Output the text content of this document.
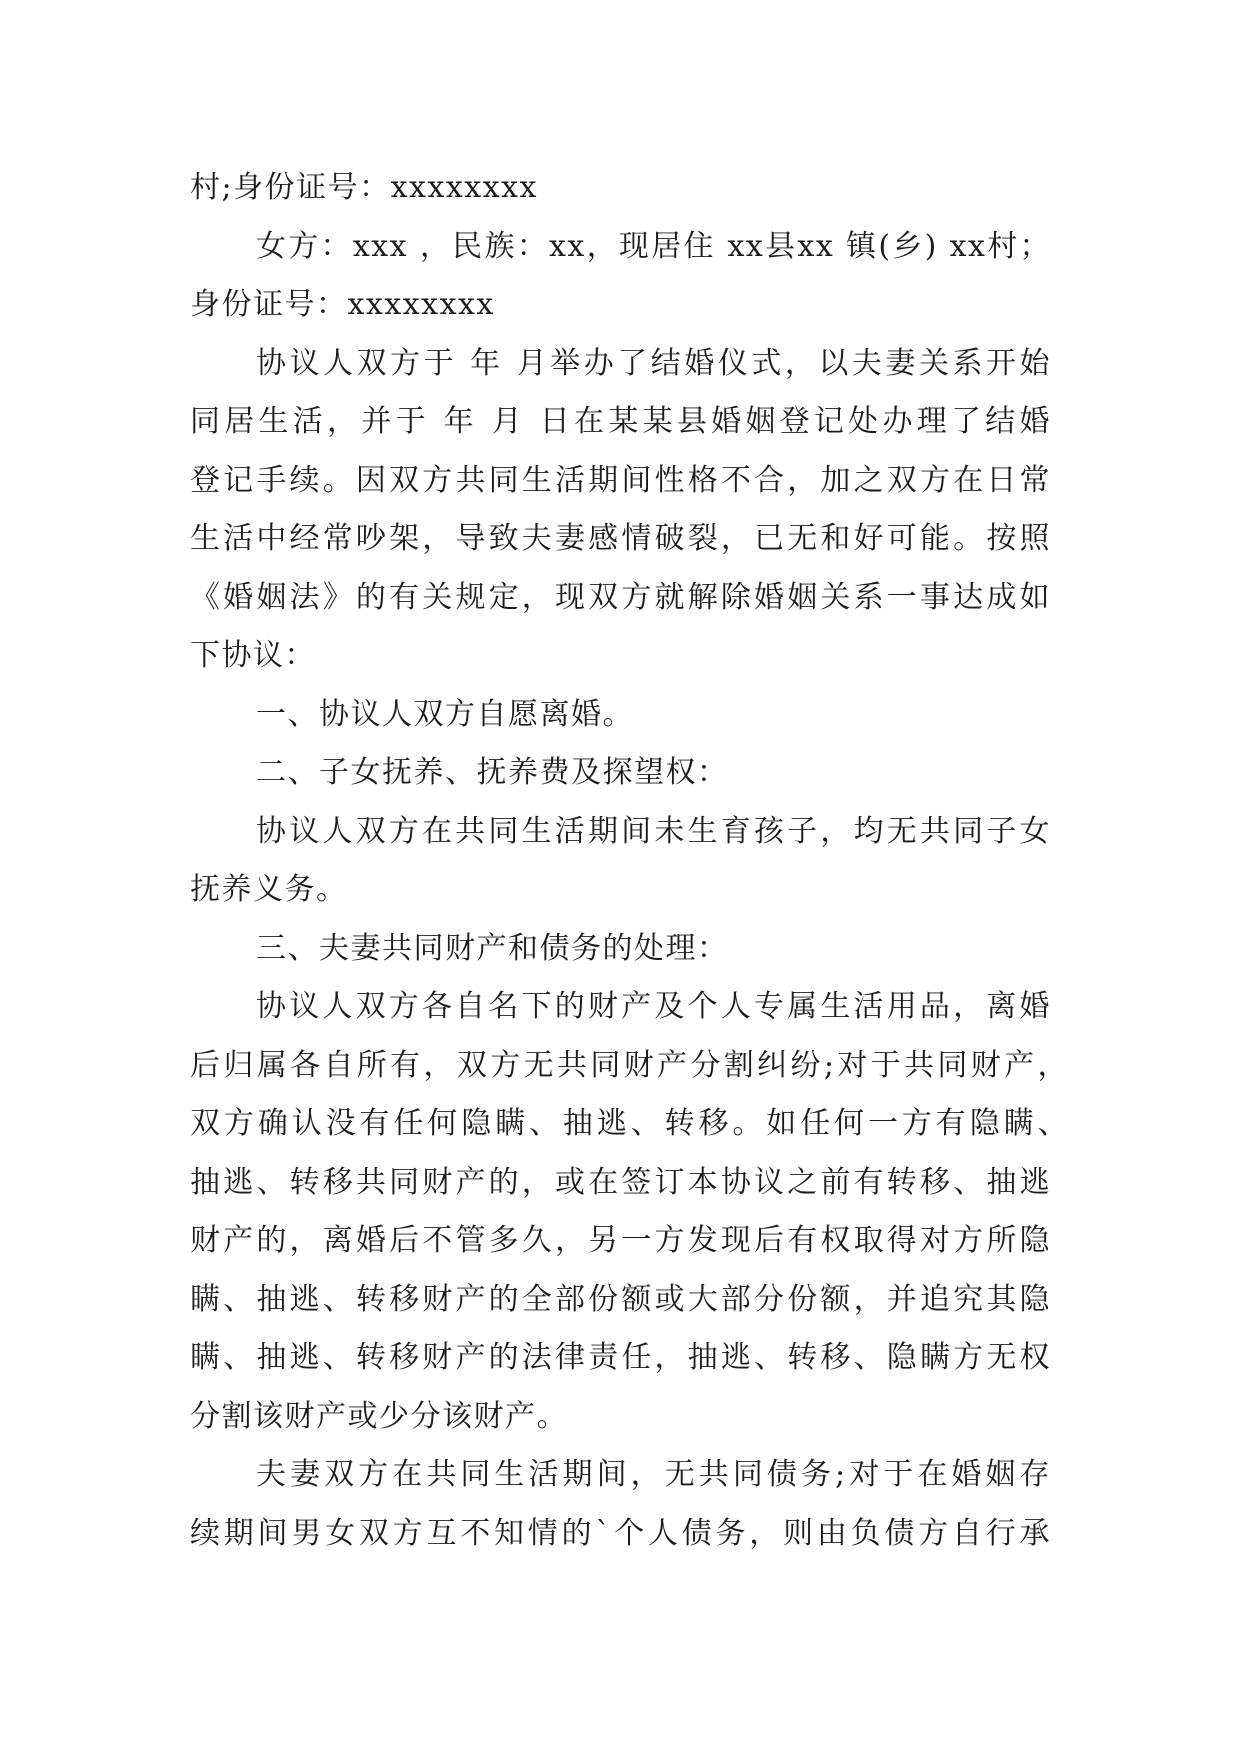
村;身份证号：xxxxxxxx
女方：xxx ，民族：xx，现居住 xx县xx 镇(乡) xx村；
身份证号：xxxxxxxx
协议人双方于 年 月举办了结婚仪式，以夫妻关系开始
同居生活，并于 年 月 日在某某县婚姻登记处办理了结婚
登记手续。因双方共同生活期间性格不合，加之双方在日常
生活中经常吵架，导致夫妻感情破裂，已无和好可能。按照
《婚姻法》的有关规定，现双方就解除婚姻关系一事达成如
下协议：
一、协议人双方自愿离婚。
二、子女抚养、抚养费及探望权：
协议人双方在共同生活期间未生育孩子，均无共同子女
抚养义务。
三、夫妻共同财产和债务的处理：
协议人双方各自名下的财产及个人专属生活用品，离婚
后归属各自所有，双方无共同财产分割纠纷;对于共同财产，
双方确认没有任何隐瞒、抽逃、转移。如任何一方有隐瞒、
抽逃、转移共同财产的，或在签订本协议之前有转移、抽逃
财产的，离婚后不管多久，另一方发现后有权取得对方所隐
瞒、抽逃、转移财产的全部份额或大部分份额，并追究其隐
瞒、抽逃、转移财产的法律责任，抽逃、转移、隐瞒方无权
分割该财产或少分该财产。
夫妻双方在共同生活期间，无共同债务;对于在婚姻存
续期间男女双方互不知情的`个人债务，则由负债方自行承
